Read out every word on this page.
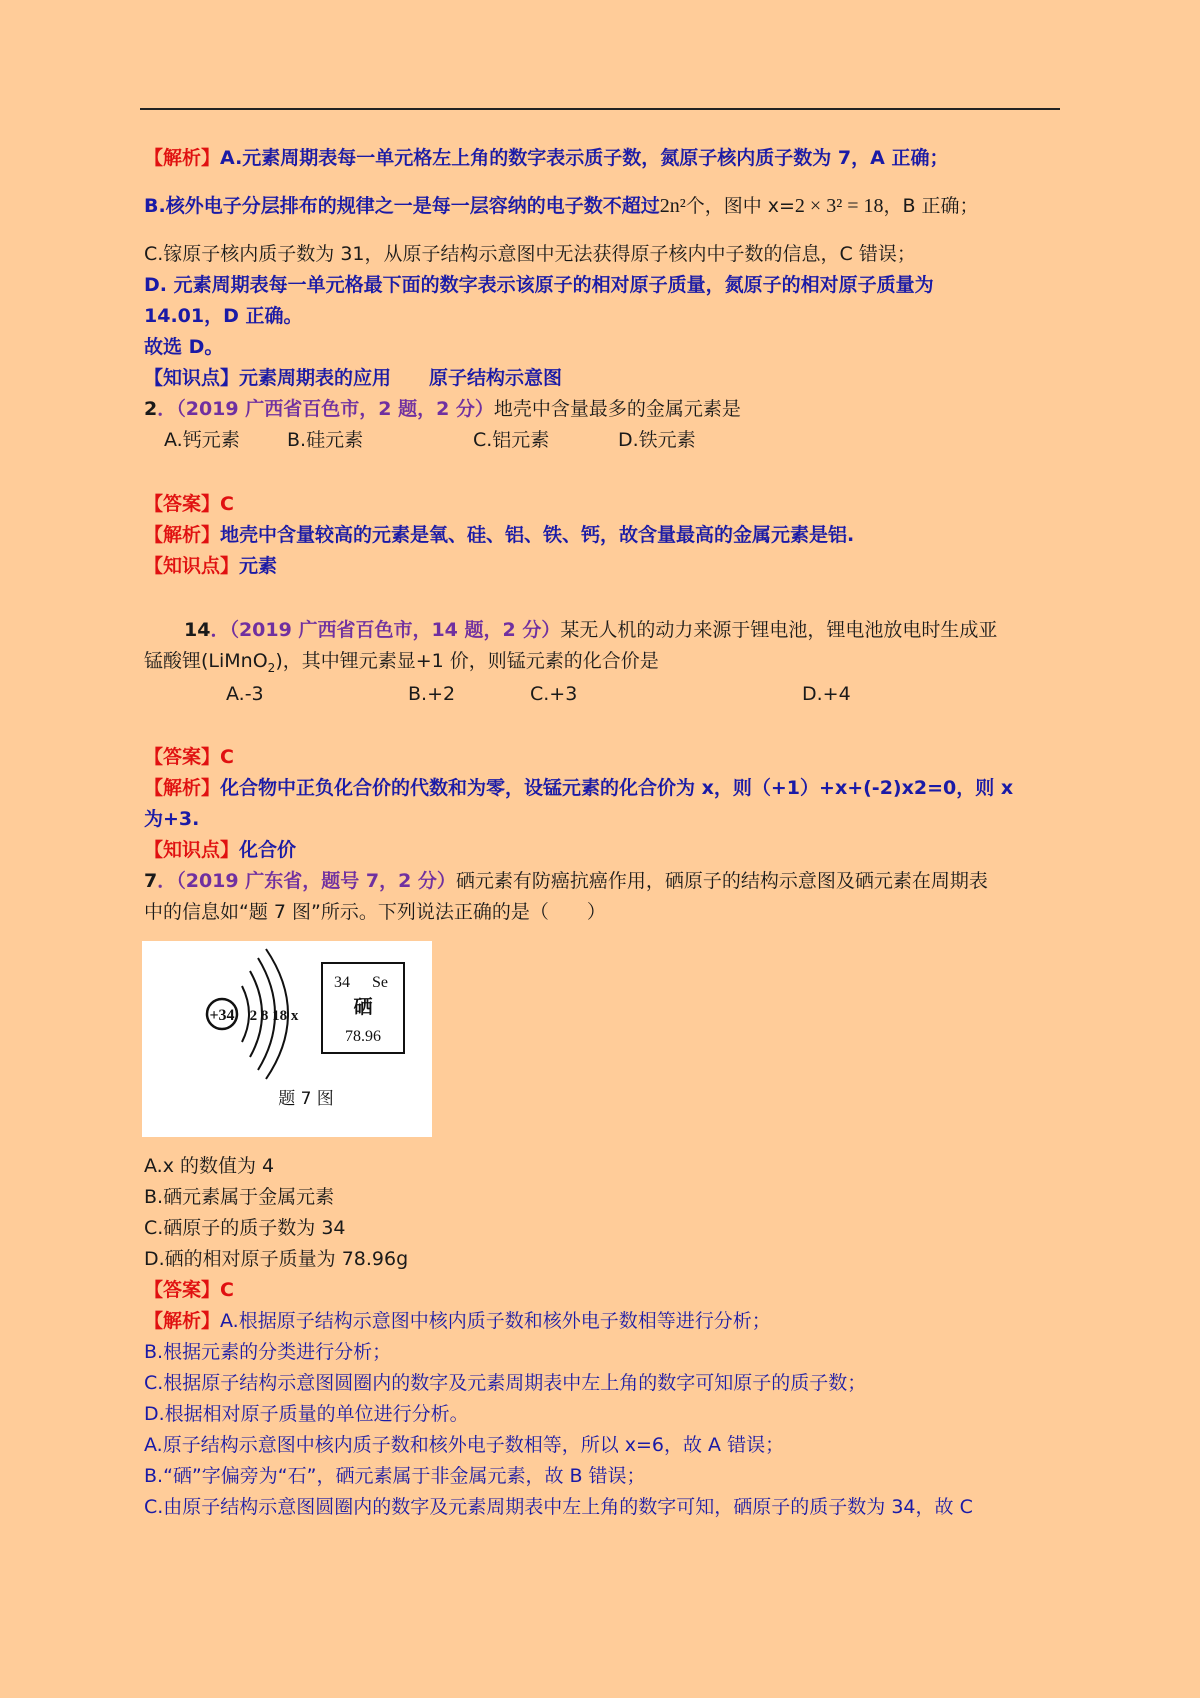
【解析】A.元素周期表每一单元格左上角的数字表示质子数，氮原子核内质子数为 7，A 正确；
B.核外电子分层排布的规律之一是每一层容纳的电子数不超过2n²个，图中 x=2 × 3² = 18，B 正确；
C.镓原子核内质子数为 31，从原子结构示意图中无法获得原子核内中子数的信息，C 错误；
D. 元素周期表每一单元格最下面的数字表示该原子的相对原子质量，氮原子的相对原子质量为
14.01，D 正确。
故选 D。
【知识点】元素周期表的应用　　原子结构示意图
2．（2019 广西省百色市，2 题，2 分）地壳中含量最多的金属元素是
A.钙元素 B.硅元素	C.铝元素	D.铁元素
【答案】C
【解析】地壳中含量较高的元素是氧、硅、铝、铁、钙，故含量最高的金属元素是铝.
【知识点】元素
14．（2019 广西省百色市，14 题，2 分）某无人机的动力来源于锂电池，锂电池放电时生成亚
锰酸锂(LiMnO$_2$)，其中锂元素显+1 价，则锰元素的化合价是
A.-3	B.+2	C.+3	D.+4
【答案】C
【解析】化合物中正负化合价的代数和为零，设锰元素的化合价为 x，则（+1）+x+(-2)x2=0，则 x
为+3.
【知识点】化合价
7．（2019 广东省，题号 7，2 分）硒元素有防癌抗癌作用，硒原子的结构示意图及硒元素在周期表
中的信息如“题 7 图”所示。下列说法正确的是（　　）
+34 2 8 18 x
34 Se
硒
78.96
题 7 图
A.x 的数值为 4
B.硒元素属于金属元素
C.硒原子的质子数为 34
D.硒的相对原子质量为 78.96g
【答案】C
【解析】A.根据原子结构示意图中核内质子数和核外电子数相等进行分析；
B.根据元素的分类进行分析；
C.根据原子结构示意图圆圈内的数字及元素周期表中左上角的数字可知原子的质子数；
D.根据相对原子质量的单位进行分析。
A.原子结构示意图中核内质子数和核外电子数相等，所以 x=6，故 A 错误；
B.“硒”字偏旁为“石”，硒元素属于非金属元素，故 B 错误；
C.由原子结构示意图圆圈内的数字及元素周期表中左上角的数字可知，硒原子的质子数为 34，故 C
